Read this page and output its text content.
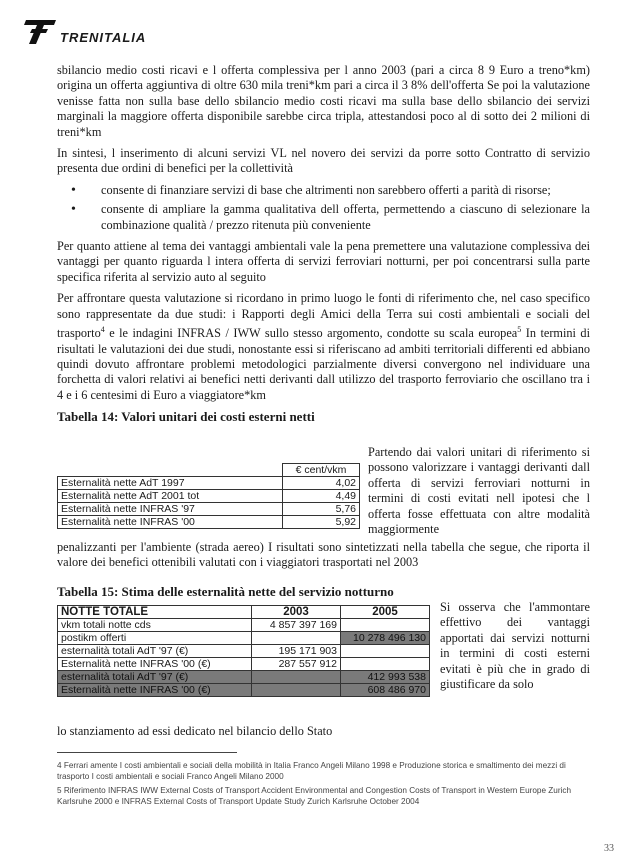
TRENITALIA

sbilancio medio costi ricavi e l offerta complessiva per l anno 2003 (pari a circa 8 9 Euro a treno*km) origina un offerta aggiuntiva di oltre 630 mila treni*km pari a circa il 3 8% dell'offerta Se poi la valutazione venisse fatta non sulla base dello sbilancio medio costi ricavi ma sulla base dello sbilancio dei servizi marginali la maggiore offerta disponibile sarebbe circa tripla, attestandosi poco al di sotto dei 2 milioni di treni*km

In sintesi, l inserimento di alcuni servizi VL nel novero dei servizi da porre sotto Contratto di servizio presenta due ordini di benefici per la collettività

• consente di finanziare servizi di base che altrimenti non sarebbero offerti a parità di risorse;
• consente di ampliare la gamma qualitativa dell offerta, permettendo a ciascuno di selezionare la combinazione qualità / prezzo ritenuta più conveniente

Per quanto attiene al tema dei vantaggi ambientali vale la pena premettere una valutazione complessiva dei vantaggi per quanto riguarda l intera offerta di servizi ferroviari notturni, per poi concentrarsi sulla parte specifica riferita al servizio auto al seguito

Per affrontare questa valutazione si ricordano in primo luogo le fonti di riferimento che, nel caso specifico sono rappresentate da due studi: i Rapporti degli Amici della Terra sui costi ambientali e sociali del trasporto$^4$ e le indagini INFRAS / IWW sullo stesso argomento, condotte su scala europea$^5$ In termini di risultati le valutazioni dei due studi, nonostante essi si riferiscano ad ambiti territoriali differenti ed abbiano quindi dovuto affrontare problemi metodologici parzialmente diversi convergono nel individuare una forchetta di valori relativi ai benefici netti derivanti dall utilizzo del trasporto ferroviario che oscillano tra i 4 e i 6 centesimi di Euro a viaggiatore*km

Tabella 14: Valori unitari dei costi esterni netti
	€ cent/vkm
Esternalità nette AdT 1997	4,02
Esternalità nette AdT 2001 tot	4,49
Esternalità nette INFRAS '97	5,76
Esternalità nette INFRAS '00	5,92
Partendo dai valori unitari di riferimento si possono valorizzare i vantaggi derivanti dall offerta di servizi ferroviari notturni in termini di costi evitati nell ipotesi che l offerta fosse effettuata con altre modalità maggiormente

penalizzanti per l'ambiente (strada aereo) I risultati sono sintetizzati nella tabella che segue, che riporta il valore dei benefici ottenibili valutati con i viaggiatori trasportati nel 2003

Tabella 15: Stima delle esternalità nette del servizio notturno
NOTTE TOTALE	2003	2005
vkm totali notte cds	4 857 397 169	
postikm offerti		10 278 496 130
esternalità totali AdT '97 (€)	195 171 903	
Esternalità nette INFRAS '00 (€)	287 557 912	
esternalità totali AdT '97 (€)		412 993 538
Esternalità nette INFRAS '00 (€)		608 486 970
Si osserva che l'ammontare effettivo dei vantaggi apportati dai servizi notturni in termini di costi esterni evitati è più che in grado di giustificare da solo

lo stanziamento ad essi dedicato nel bilancio dello Stato

4 Ferrari amente I costi ambientali e sociali della mobilità in Italia Franco Angeli Milano 1998 e Produzione storica e smaltimento dei mezzi di trasporto I costi ambientali e sociali Franco Angeli Milano 2000
5 Riferimento INFRAS IWW External Costs of Transport Accident Environmental and Congestion Costs of Transport in Western Europe Zurich Karlsruhe 2000 e INFRAS External Costs of Transport Update Study Zurich Karlsruhe October 2004
33
